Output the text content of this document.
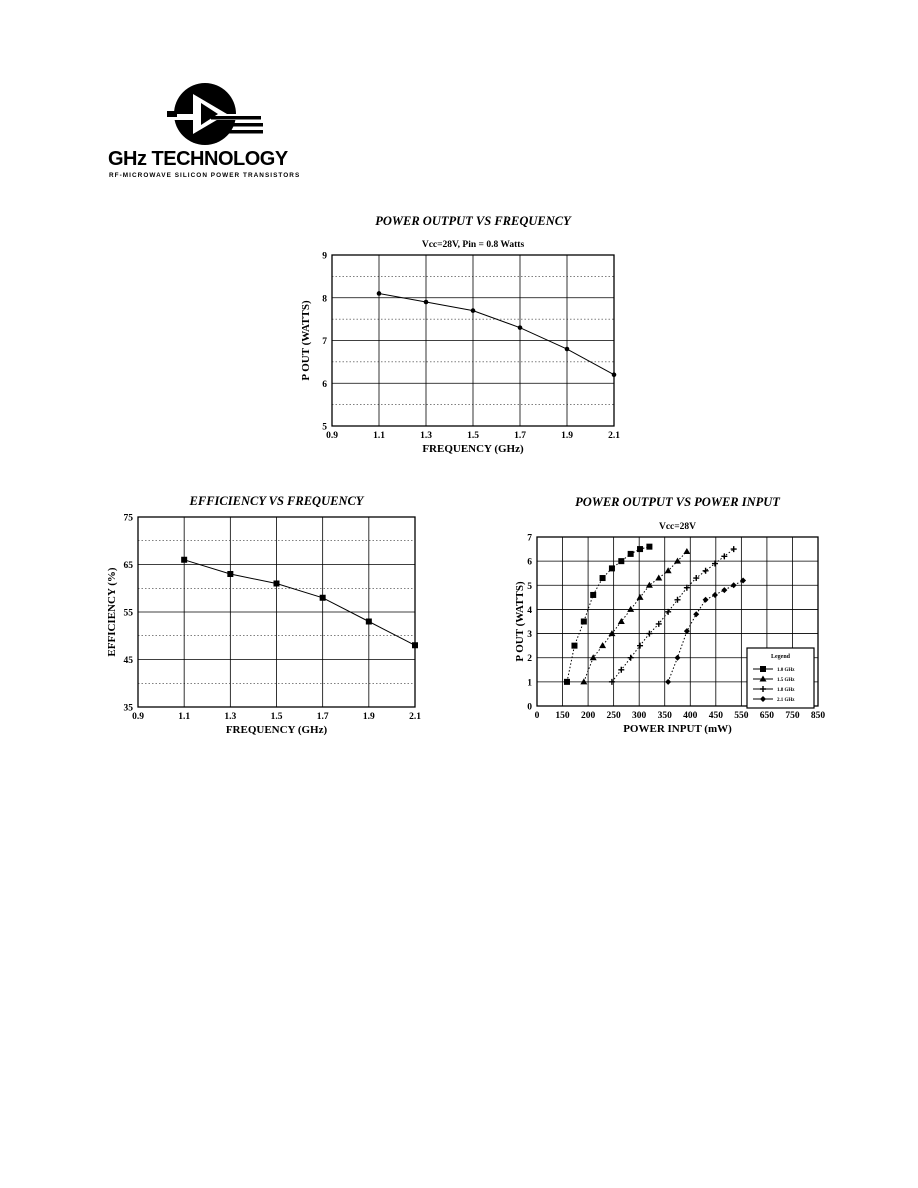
GHz TECHNOLOGY
RF-MICROWAVE SILICON POWER TRANSISTORS
0.9	1.1	1.3	1.5	1.7	1.9	2.1
5
6
7
8
9
POWER OUTPUT VS FREQUENCY
Vcc=28V, Pin = 0.8 Watts
FREQUENCY (GHz)
P OUT (WATTS)
0.9	1.1	1.3	1.5	1.7	1.9	2.1
35
45
55
65
75
EFFICIENCY VS FREQUENCY
FREQUENCY (GHz)
EFFICIENCY (%)
0 150 200 250 300 350 400 450 550 650 750 850
0
1
2
3
4
5
6
7
POWER OUTPUT VS POWER INPUT
Vcc=28V
POWER INPUT (mW)
P OUT (WATTS)	Legend
1.0 GHz
1.5 GHz
1.8 GHz
2.1 GHz
